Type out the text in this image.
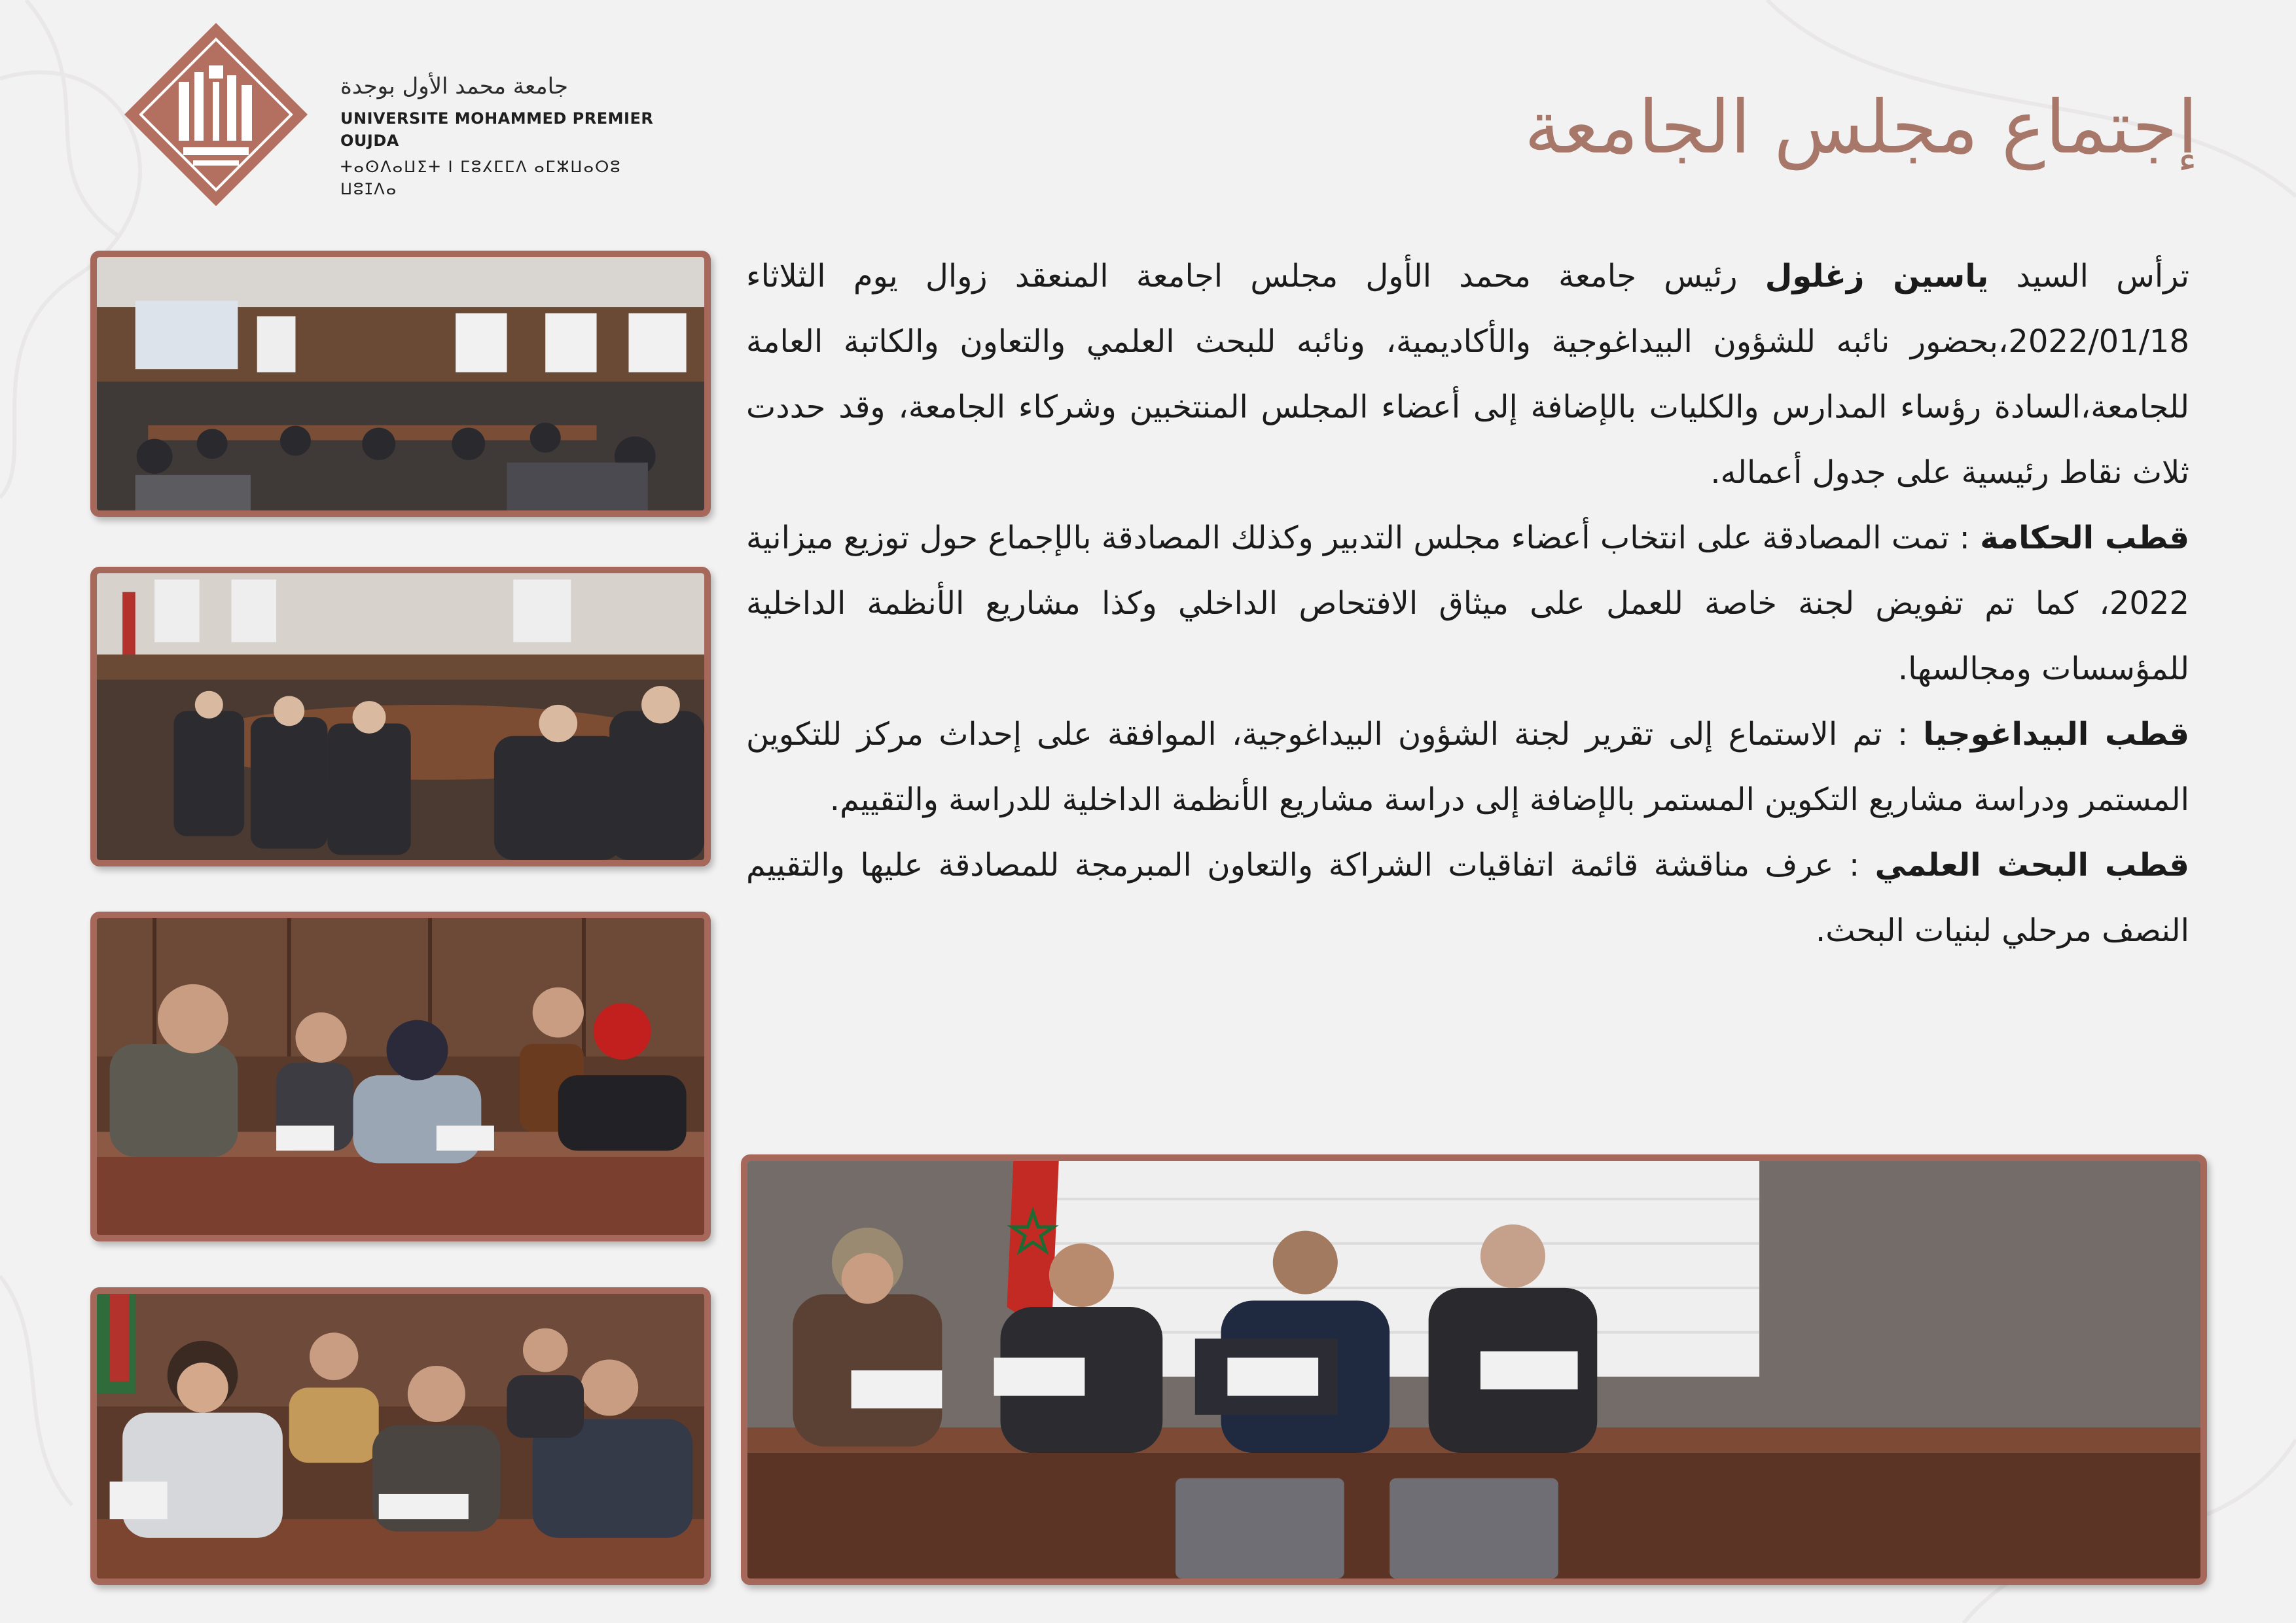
جامعة محمد الأول بوجدة
UNIVERSITE MOHAMMED PREMIER OUJDA
ⵜⴰⵙⴷⴰⵡⵉⵜ ⵏ ⵎⵓⵃⵎⵎⴷ ⴰⵎⵣⵡⴰⵔⵓ ⵡⵓⵊⴷⴰ
إجتماع مجلس الجامعة

ترأس السيد ياسين زغلول رئيس جامعة محمد الأول مجلس اجامعة المنعقد زوال يوم الثلاثاء 2022/01/18،بحضور نائبه للشؤون البيداغوجية والأكاديمية، ونائبه للبحث العلمي والتعاون والكاتبة العامة للجامعة،السادة رؤساء المدارس والكليات بالإضافة إلى أعضاء المجلس المنتخبين وشركاء الجامعة، وقد حددت ثلاث نقاط رئيسية على جدول أعماله.

قطب الحكامة : تمت المصادقة على انتخاب أعضاء مجلس التدبير وكذلك المصادقة بالإجماع حول توزيع ميزانية 2022، كما تم تفويض لجنة خاصة للعمل على ميثاق الافتحاص الداخلي وكذا مشاريع الأنظمة الداخلية للمؤسسات ومجالسها.

قطب البيداغوجيا : تم الاستماع إلى تقرير لجنة الشؤون البيداغوجية، الموافقة على إحداث مركز للتكوين المستمر ودراسة مشاريع التكوين المستمر بالإضافة إلى دراسة مشاريع الأنظمة الداخلية للدراسة والتقييم.

قطب البحث العلمي : عرف مناقشة قائمة اتفاقيات الشراكة والتعاون المبرمجة للمصادقة عليها والتقييم النصف مرحلي لبنيات البحث.
